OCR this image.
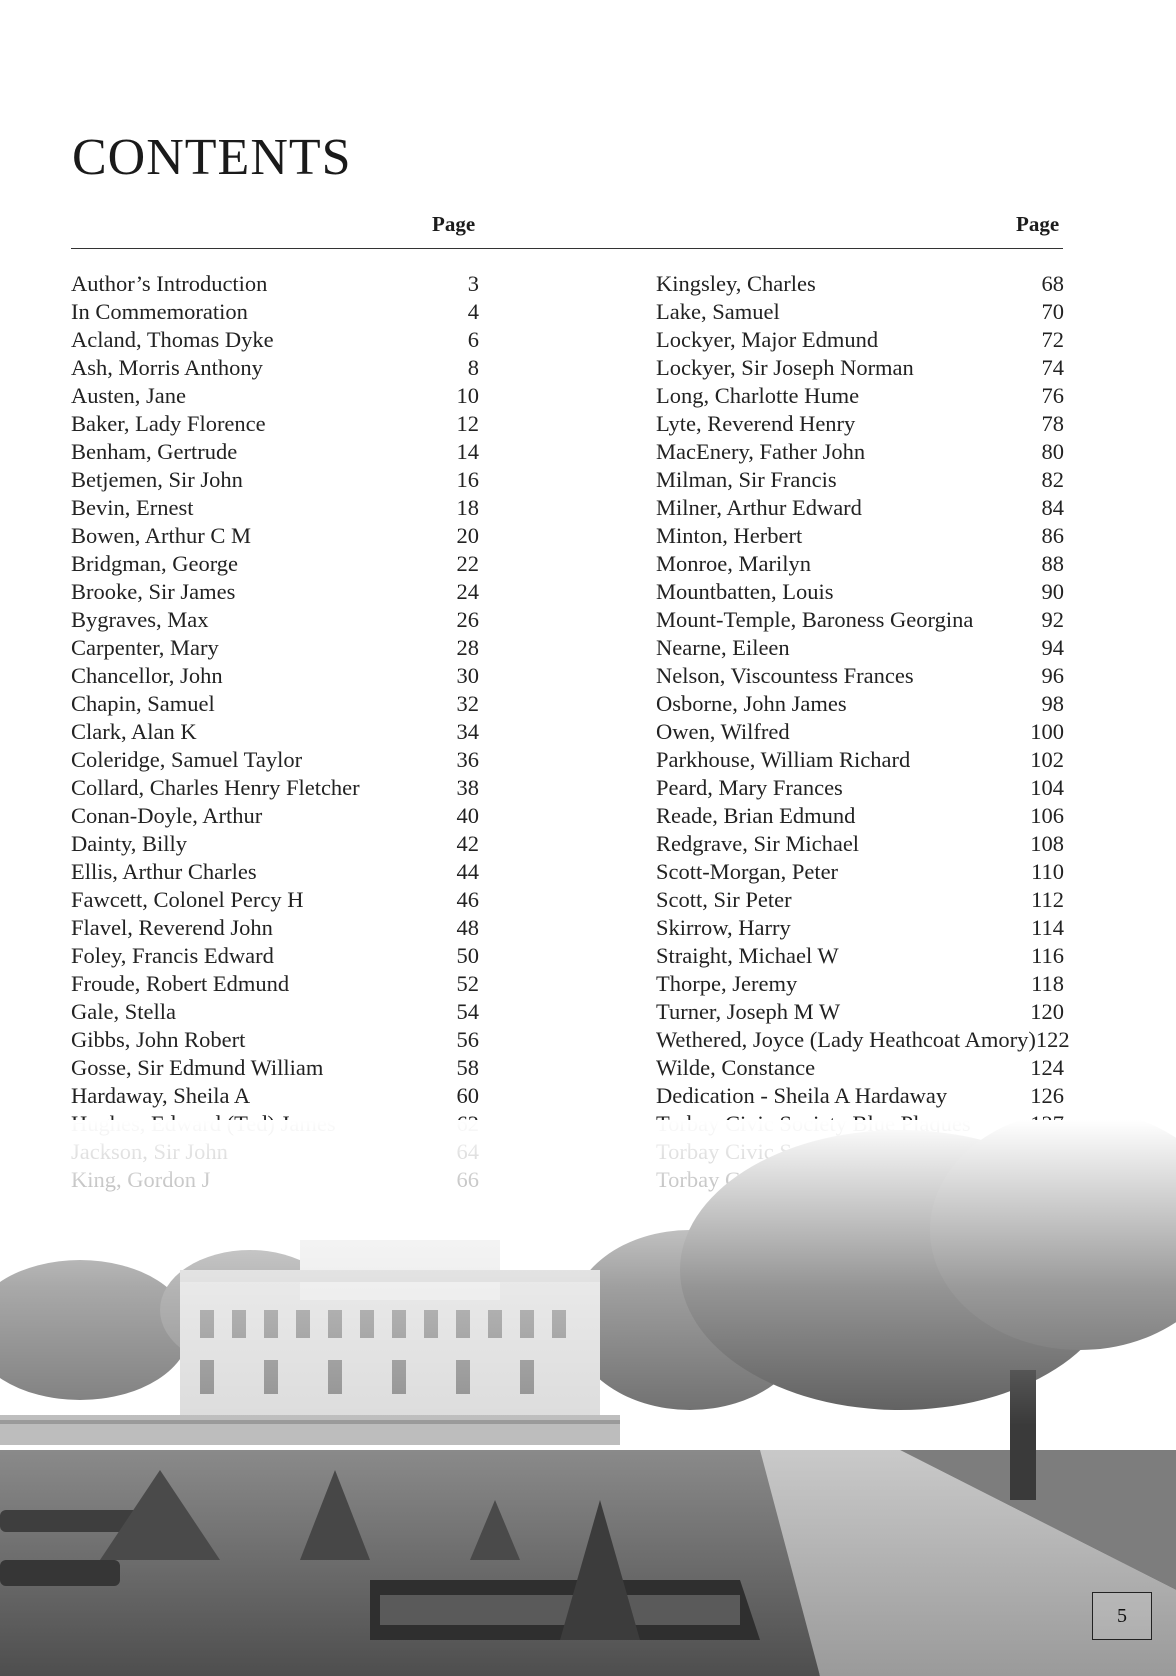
CONTENTS
Page	Page
Author’s Introduction	3
In Commemoration	4
Acland, Thomas Dyke	6
Ash, Morris Anthony	8
Austen, Jane	10
Baker, Lady Florence	12
Benham, Gertrude	14
Betjemen, Sir John	16
Bevin, Ernest	18
Bowen, Arthur C M	20
Bridgman, George	22
Brooke, Sir James	24
Bygraves, Max	26
Carpenter, Mary	28
Chancellor, John	30
Chapin, Samuel	32
Clark, Alan K	34
Coleridge, Samuel Taylor	36
Collard, Charles Henry Fletcher	38
Conan-Doyle, Arthur	40
Dainty, Billy	42
Ellis, Arthur Charles	44
Fawcett, Colonel Percy H	46
Flavel, Reverend John	48
Foley, Francis Edward	50
Froude, Robert Edmund	52
Gale, Stella	54
Gibbs, John Robert	56
Gosse, Sir Edmund William	58
Hardaway, Sheila A	60
Kingsley, Charles	68
Lake, Samuel	70
Lockyer, Major Edmund	72
Lockyer, Sir Joseph Norman	74
Long, Charlotte Hume	76
Lyte, Reverend Henry	78
MacEnery, Father John	80
Milman, Sir Francis	82
Milner, Arthur Edward	84
Minton, Herbert	86
Monroe, Marilyn	88
Mountbatten, Louis	90
Mount-Temple, Baroness Georgina	92
Nearne, Eileen	94
Nelson, Viscountess Frances	96
Osborne, John James	98
Owen, Wilfred	100
Parkhouse, William Richard	102
Peard, Mary Frances	104
Reade, Brian Edmund	106
Redgrave, Sir Michael	108
Scott-Morgan, Peter	110
Scott, Sir Peter	112
Skirrow, Harry	114
Straight, Michael W	116
Thorpe, Jeremy	118
Turner, Joseph M W	120
Wethered, Joyce (Lady Heathcoat Amory) 122
Wilde, Constance	124
Dedication - Sheila A Hardaway	126
5
